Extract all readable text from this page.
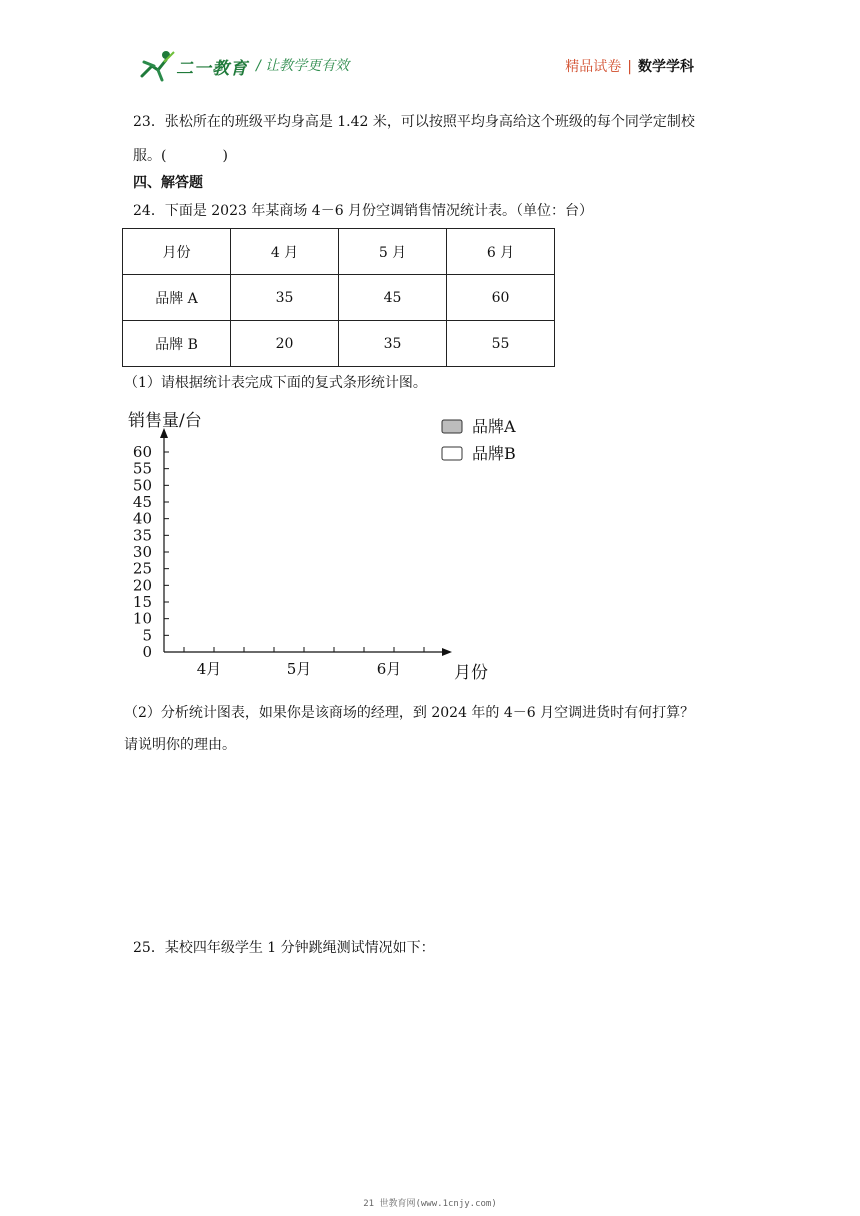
二一教育 / 让教学更有效	精品试卷 | 数学学科
23．张松所在的班级平均身高是 1.42 米，可以按照平均身高给这个班级的每个同学定制校
服。(　　　　)
四、解答题
24．下面是 2023 年某商场 4－6 月份空调销售情况统计表。（单位：台）
月份	4 月	5 月	6 月
品牌 A	35	45	60
品牌 B	20	35	55
（1）请根据统计表完成下面的复式条形统计图。
0
5
10
15
20
25
30
35
40
45
50
55
60
4月	5月	6月
销售量/台
月份
品牌A
品牌B
（2）分析统计图表，如果你是该商场的经理，到 2024 年的 4－6 月空调进货时有何打算？
请说明你的理由。
25．某校四年级学生 1 分钟跳绳测试情况如下：
21 世教育网(www.1cnjy.com)
